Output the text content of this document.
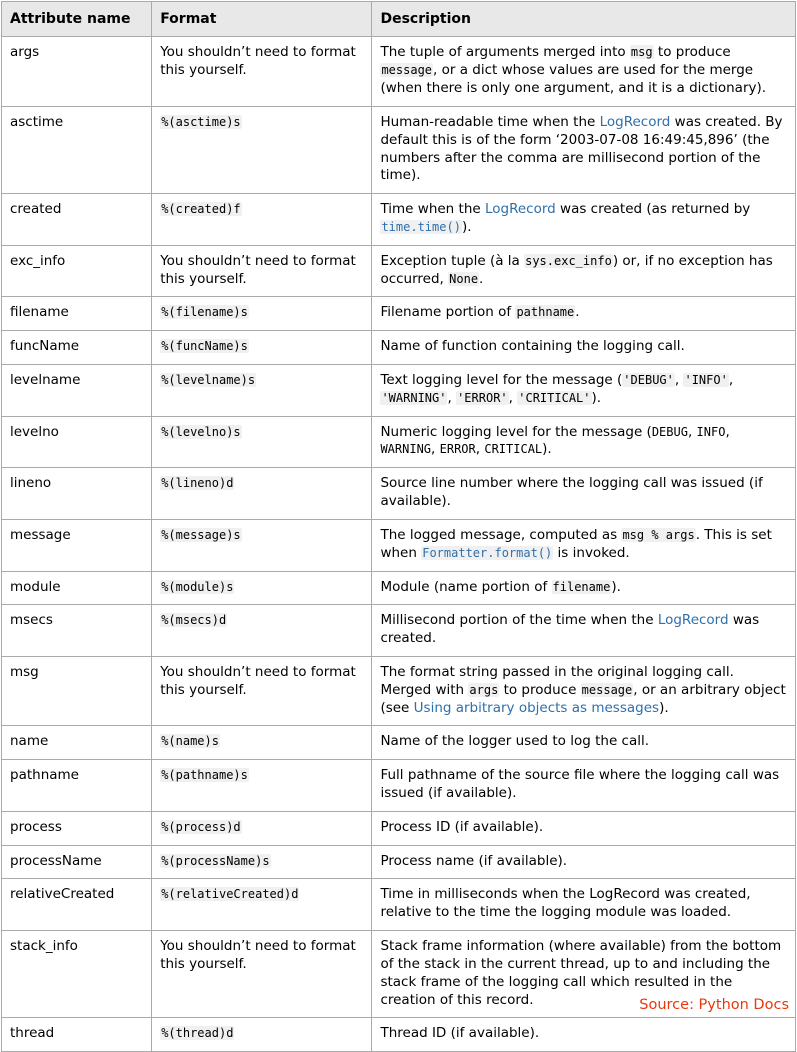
Attribute name	Format	Description
args	You shouldn’t need to format this yourself.	The tuple of arguments merged into msg to produce message, or a dict whose values are used for the merge (when there is only one argument, and it is a dictionary).
asctime	%(asctime)s	Human-readable time when the LogRecord was created. By default this is of the form ‘2003-07-08 16:49:45,896’ (the numbers after the comma are millisecond portion of the time).
created	%(created)f	Time when the LogRecord was created (as returned by time.time()).
exc_info	You shouldn’t need to format this yourself.	Exception tuple (à la sys.exc_info) or, if no exception has occurred, None.
filename	%(filename)s	Filename portion of pathname.
funcName	%(funcName)s	Name of function containing the logging call.
levelname	%(levelname)s	Text logging level for the message ('DEBUG', 'INFO', 'WARNING', 'ERROR', 'CRITICAL').
levelno	%(levelno)s	Numeric logging level for the message (DEBUG, INFO, WARNING, ERROR, CRITICAL).
lineno	%(lineno)d	Source line number where the logging call was issued (if available).
message	%(message)s	The logged message, computed as msg % args. This is set when Formatter.format() is invoked.
module	%(module)s	Module (name portion of filename).
msecs	%(msecs)d	Millisecond portion of the time when the LogRecord was created.
msg	You shouldn’t need to format this yourself.	The format string passed in the original logging call. Merged with args to produce message, or an arbitrary object (see Using arbitrary objects as messages).
name	%(name)s	Name of the logger used to log the call.
pathname	%(pathname)s	Full pathname of the source file where the logging call was issued (if available).
process	%(process)d	Process ID (if available).
processName	%(processName)s	Process name (if available).
relativeCreated	%(relativeCreated)d	Time in milliseconds when the LogRecord was created, relative to the time the logging module was loaded.
stack_info	You shouldn’t need to format this yourself.	Stack frame information (where available) from the bottom of the stack in the current thread, up to and including the stack frame of the logging call which resulted in the creation of this record.
thread	%(thread)d	Thread ID (if available).
Source: Python Docs
